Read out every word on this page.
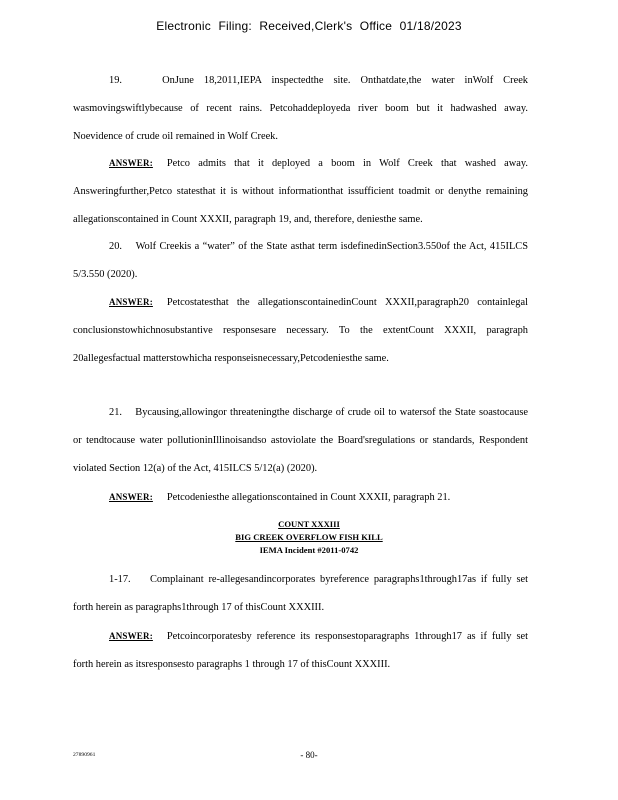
Electronic Filing: Received,Clerk's Office 01/18/2023
19.	OnJune 18,2011,IEPA inspectedthe site. Onthatdate,the water inWolf Creek wasmovingswiftlybecause of recent rains. Petcohaddeployeda river boom but it hadwashed away. Noevidence of crude oil remained in Wolf Creek.
ANSWER: Petco admits that it deployed a boom in Wolf Creek that washed away. Answeringfurther,Petco statesthat it is without informationthat issufficient toadmit or denythe remaining allegationscontained in Count XXXII, paragraph 19, and, therefore, deniesthe same.
20. Wolf Creekis a “water” of the State asthat term isdefinedinSection3.550of the Act, 415ILCS 5/3.550 (2020).
ANSWER: Petcostatesthat the allegationscontainedinCount XXXII,paragraph20 containlegal conclusionstowhichnosubstantive responsesare necessary. To the extentCount XXXII, paragraph 20allegesfactual matterstowhicha responseisnecessary,Petcodeniesthe same.
21. Bycausing,allowingor threateningthe discharge of crude oil to watersof the State soastocause or tendtocause water pollutioninIllinoisandso astoviolate the Board'sregulations or standards, Respondent violated Section 12(a) of the Act, 415ILCS 5/12(a) (2020).
ANSWER: Petcodeniesthe allegationscontained in Count XXXII, paragraph 21.
COUNT XXXIII
BIG CREEK OVERFLOW FISH KILL
IEMA Incident #2011-0742
1-17. Complainant re-allegesandincorporates byreference paragraphs1through17as if fully set forth herein as paragraphs1through 17 of thisCount XXXIII.
ANSWER: Petcoincorporatesby reference its responsestoparagraphs 1through17 as if fully set forth herein as itsresponsesto paragraphs 1 through 17 of thisCount XXXIII.
27890961	- 80-
